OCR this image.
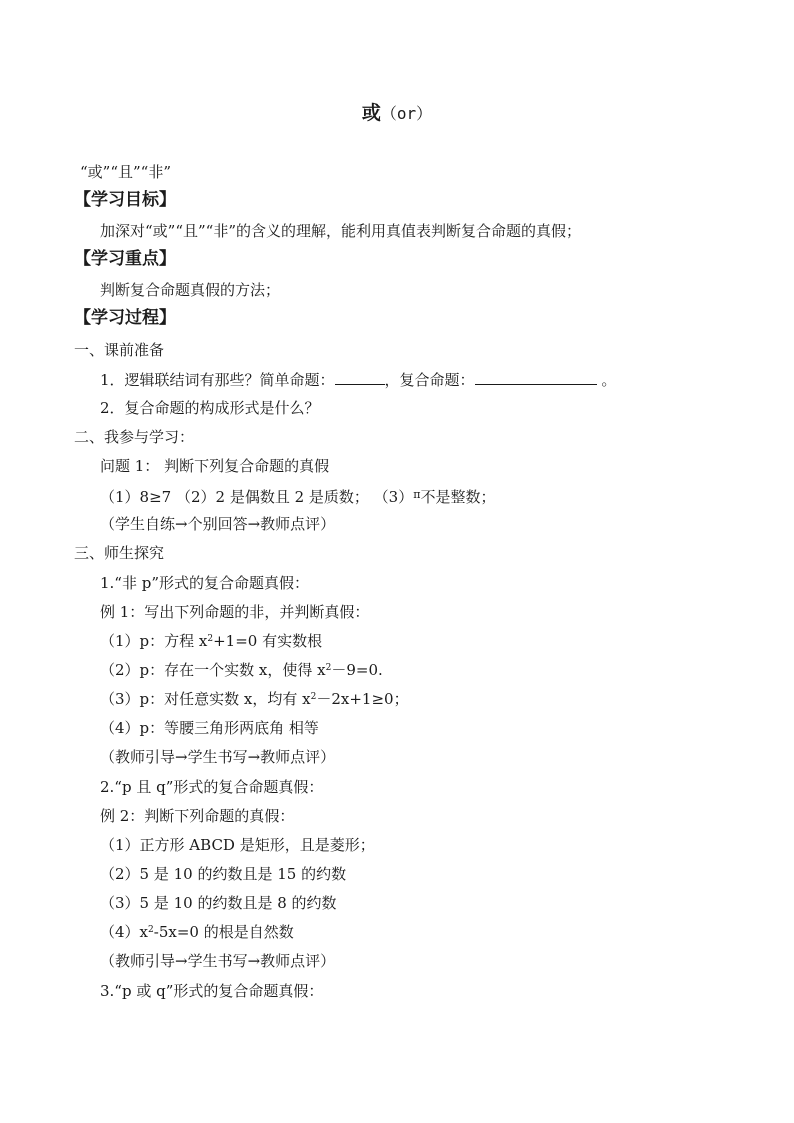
或（or）
“或”“且”“非”
【学习目标】
加深对“或”“且”“非”的含义的理解，能利用真值表判断复合命题的真假；
【学习重点】
判断复合命题真假的方法；
【学习过程】
一、课前准备
1．逻辑联结词有那些？简单命题：	，复合命题：	。
2．复合命题的构成形式是什么？
二、我参与学习：
问题 1： 判断下列复合命题的真假
（1）8≥7 （2）2 是偶数且 2 是质数； $(3)^\pi$不是整数；
（学生自练→个别回答→教师点评）
三、师生探究
1.“非 p”形式的复合命题真假：
例 1：写出下列命题的非，并判断真假：
（1）p：方程 $x^2+1=0$ 有实数根
（2）p：存在一个实数 x，使得 $x^2-9=0$.
（3）p：对任意实数 x，均有 $x^2-2x+1\ge 0$；
（4）p：等腰三角形两底角 相等
（教师引导→学生书写→教师点评）
2.“p 且 q”形式的复合命题真假：
例 2：判断下列命题的真假：
（1）正方形 ABCD 是矩形，且是菱形；
（2）5 是 10 的约数且是 15 的约数
（3）5 是 10 的约数且是 8 的约数
$(4)x^2-5x=0$ 的根是自然数
（教师引导→学生书写→教师点评）
3.“p 或 q”形式的复合命题真假：
